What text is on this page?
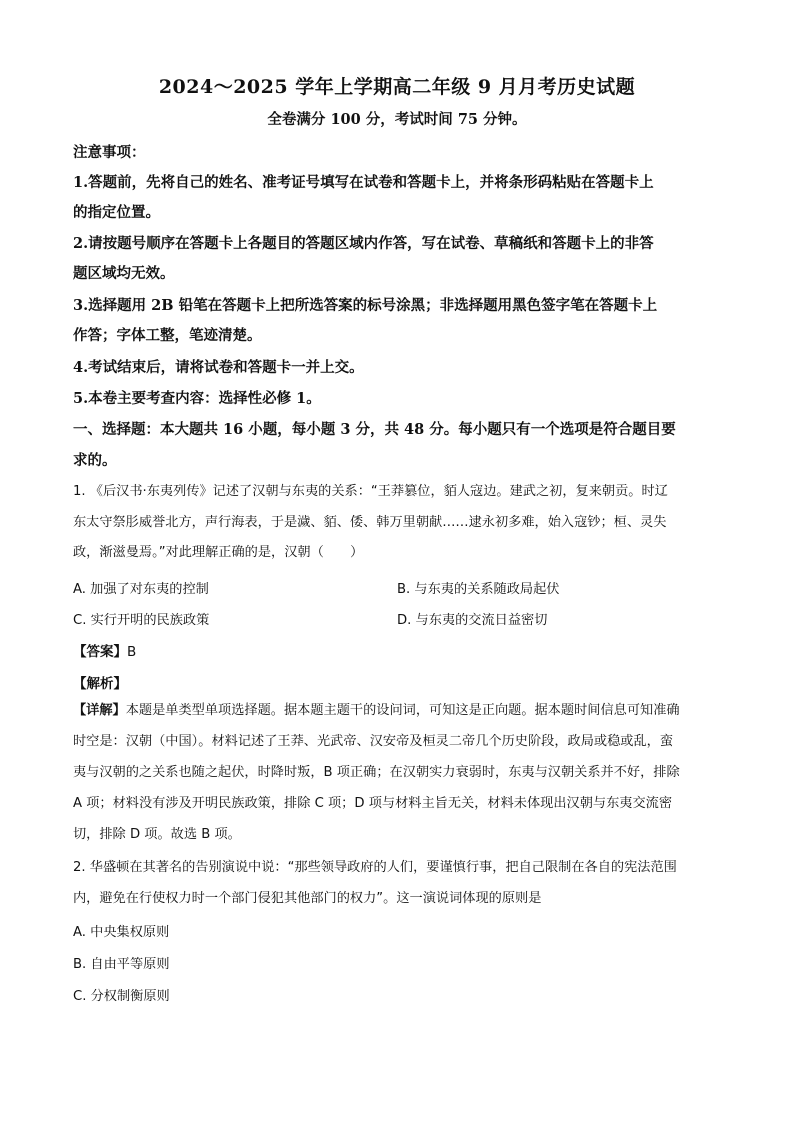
2024～2025 学年上学期高二年级 9 月月考历史试题
全卷满分 100 分，考试时间 75 分钟。
注意事项：
1.答题前，先将自己的姓名、准考证号填写在试卷和答题卡上，并将条形码粘贴在答题卡上
的指定位置。
2.请按题号顺序在答题卡上各题目的答题区域内作答，写在试卷、草稿纸和答题卡上的非答
题区域均无效。
3.选择题用 2B 铅笔在答题卡上把所选答案的标号涂黑；非选择题用黑色签字笔在答题卡上
作答；字体工整，笔迹清楚。
4.考试结束后，请将试卷和答题卡一并上交。
5.本卷主要考查内容：选择性必修 1。
一、选择题：本大题共 16 小题，每小题 3 分，共 48 分。每小题只有一个选项是符合题目要
求的。
1. 《后汉书·东夷列传》记述了汉朝与东夷的关系：“王莽篡位，貊人寇边。建武之初，复来朝贡。时辽
东太守祭肜威誉北方，声行海表，于是濊、貊、倭、韩万里朝献……逮永初多难，始入寇钞；桓、灵失
政，渐滋曼焉。”对此理解正确的是，汉朝（　　）
A. 加强了对东夷的控制	B. 与东夷的关系随政局起伏
C. 实行开明的民族政策	D. 与东夷的交流日益密切
【答案】B
【解析】
【详解】本题是单类型单项选择题。据本题主题干的设问词，可知这是正向题。据本题时间信息可知准确
时空是：汉朝（中国）。材料记述了王莽、光武帝、汉安帝及桓灵二帝几个历史阶段，政局或稳或乱，蛮
夷与汉朝的之关系也随之起伏，时降时叛，B 项正确；在汉朝实力衰弱时，东夷与汉朝关系并不好，排除
A 项；材料没有涉及开明民族政策，排除 C 项；D 项与材料主旨无关，材料未体现出汉朝与东夷交流密
切，排除 D 项。故选 B 项。
2. 华盛顿在其著名的告别演说中说：“那些领导政府的人们，要谨慎行事，把自己限制在各自的宪法范围
内，避免在行使权力时一个部门侵犯其他部门的权力”。这一演说词体现的原则是
A. 中央集权原则
B. 自由平等原则
C. 分权制衡原则
